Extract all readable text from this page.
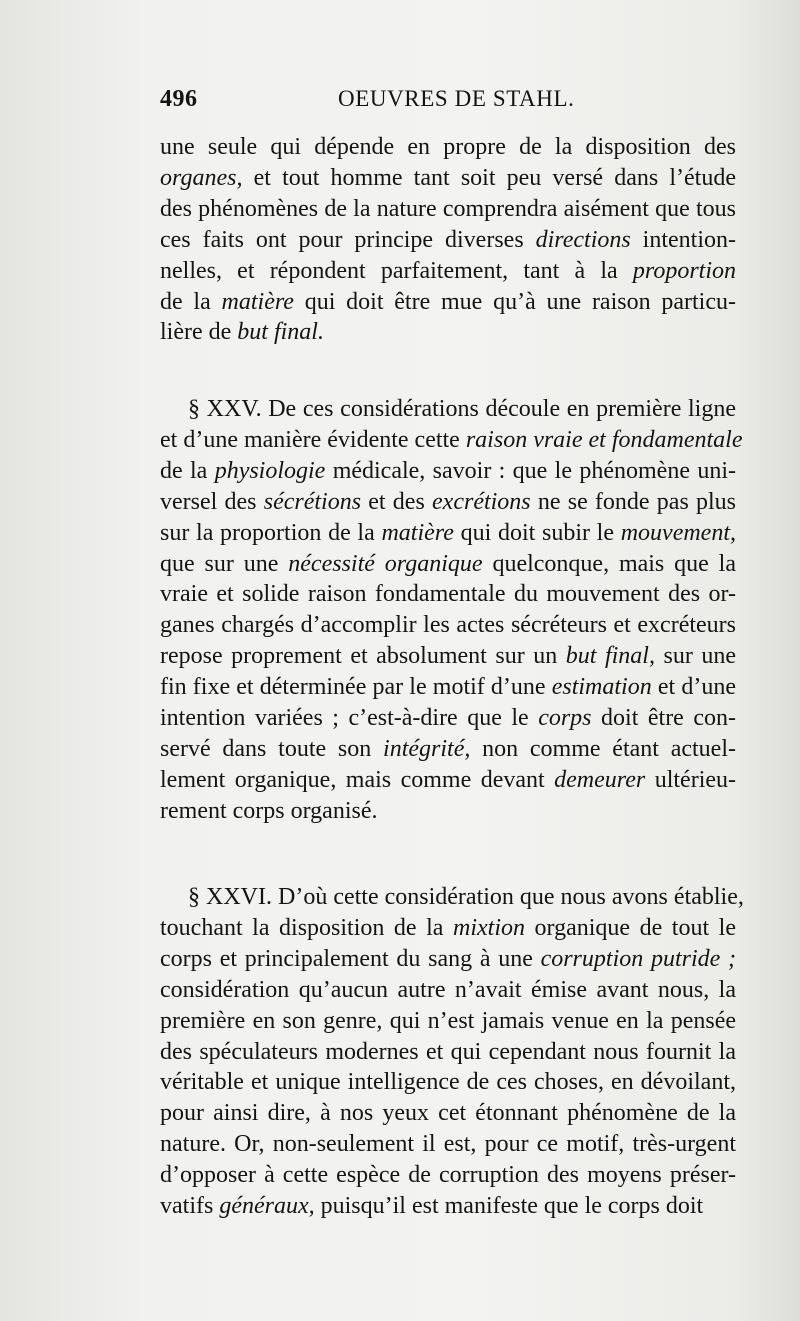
496	OEUVRES DE STAHL.
une seule qui dépende en propre de la disposition des
organes, et tout homme tant soit peu versé dans l’étude
des phénomènes de la nature comprendra aisément que tous
ces faits ont pour principe diverses directions intention-
nelles, et répondent parfaitement, tant à la proportion
de la matière qui doit être mue qu’à une raison particu-
lière de but final.
§ XXV. De ces considérations découle en première ligne
et d’une manière évidente cette raison vraie et fondamentale
de la physiologie médicale, savoir : que le phénomène uni-
versel des sécrétions et des excrétions ne se fonde pas plus
sur la proportion de la matière qui doit subir le mouvement,
que sur une nécessité organique quelconque, mais que la
vraie et solide raison fondamentale du mouvement des or-
ganes chargés d’accomplir les actes sécréteurs et excréteurs
repose proprement et absolument sur un but final, sur une
fin fixe et déterminée par le motif d’une estimation et d’une
intention variées ; c’est-à-dire que le corps doit être con-
servé dans toute son intégrité, non comme étant actuel-
lement organique, mais comme devant demeurer ultérieu-
rement corps organisé.
§ XXVI. D’où cette considération que nous avons établie,
touchant la disposition de la mixtion organique de tout le
corps et principalement du sang à une corruption putride ;
considération qu’aucun autre n’avait émise avant nous, la
première en son genre, qui n’est jamais venue en la pensée
des spéculateurs modernes et qui cependant nous fournit la
véritable et unique intelligence de ces choses, en dévoilant,
pour ainsi dire, à nos yeux cet étonnant phénomène de la
nature. Or, non-seulement il est, pour ce motif, très-urgent
d’opposer à cette espèce de corruption des moyens préser-
vatifs généraux, puisqu’il est manifeste que le corps doit
